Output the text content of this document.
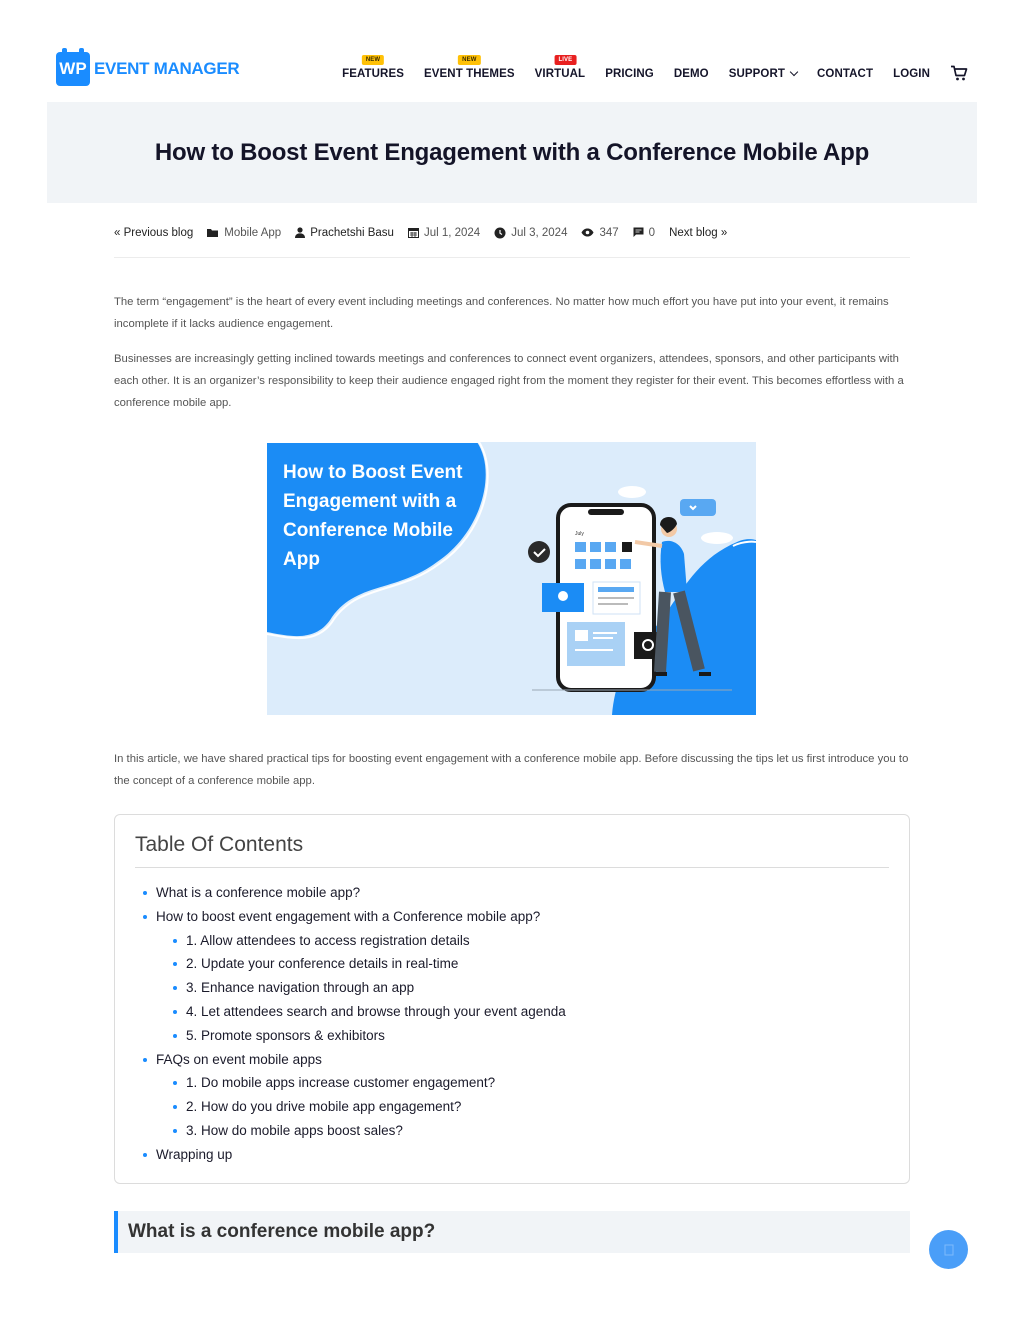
WP EVENT MANAGER	NEW
FEATURES
NEW
EVENT THEMES
LIVE
VIRTUAL PRICING DEMO SUPPORT	CONTACT LOGIN
How to Boost Event Engagement with a Conference Mobile App
« Previous blog	Mobile App	Prachetshi Basu	Jul 1, 2024	Jul 3, 2024	347	0 Next blog »

The term “engagement” is the heart of every event including meetings and conferences. No matter how much effort you have put into your event, it remains incomplete if it lacks audience engagement.

Businesses are increasingly getting inclined towards meetings and conferences to connect event organizers, attendees, sponsors, and other participants with each other. It is an organizer’s responsibility to keep their audience engaged right from the moment they register for their event. This becomes effortless with a conference mobile app.

How to Boost Event Engagement with a Conference Mobile App
July

In this article, we have shared practical tips for boosting event engagement with a conference mobile app. Before discussing the tips let us first introduce you to the concept of a conference mobile app.

Table Of Contents
What is a conference mobile app?
How to boost event engagement with a Conference mobile app?
1. Allow attendees to access registration details
2. Update your conference details in real-time
3. Enhance navigation through an app
4. Let attendees search and browse through your event agenda
5. Promote sponsors & exhibitors
FAQs on event mobile apps
1. Do mobile apps increase customer engagement?
2. How do you drive mobile app engagement?
3. How do mobile apps boost sales?
Wrapping up
What is a conference mobile app?
